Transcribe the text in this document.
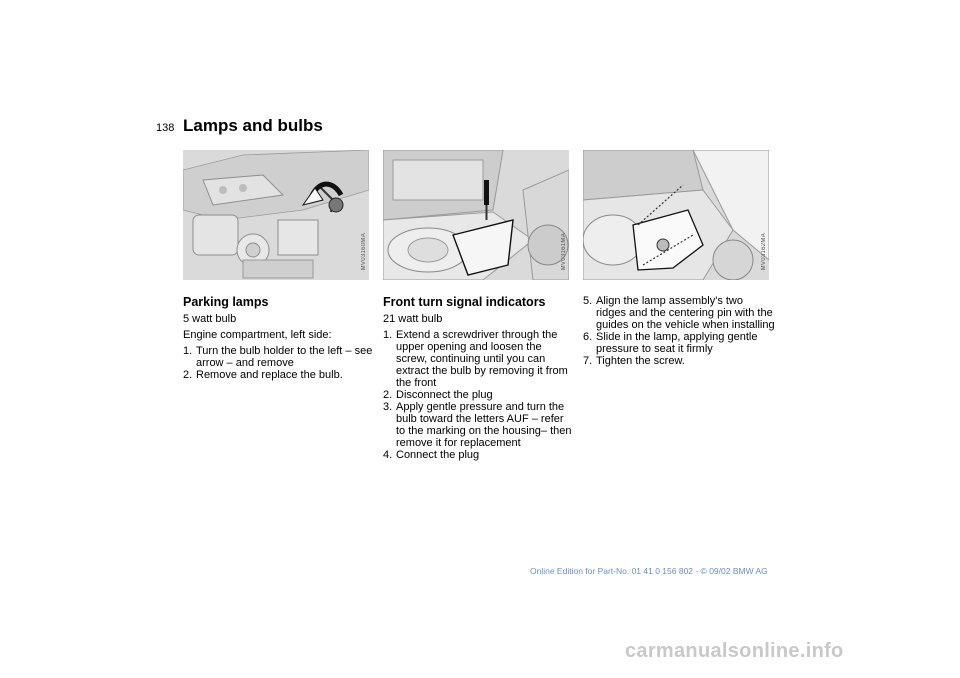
138 Lamps and bulbs
MV03160MA	MV03161MA	MV03162MA
Parking lamps

5 watt bulb

Engine compartment, left side:

1. Turn the bulb holder to the left – see arrow – and remove
2. Remove and replace the bulb.
Front turn signal indicators

21 watt bulb

1. Extend a screwdriver through the upper opening and loosen the screw, continuing until you can extract the bulb by removing it from the front
2. Disconnect the plug
3. Apply gentle pressure and turn the bulb toward the letters AUF – refer to the marking on the housing– then remove it for replacement
4. Connect the plug
5. Align the lamp assembly's two ridges and the centering pin with the guides on the vehicle when installing
6. Slide in the lamp, applying gentle pressure to seat it firmly
7. Tighten the screw.
Online Edition for Part-No. 01 41 0 156 802 - © 09/02 BMW AG
carmanualsonline.info
